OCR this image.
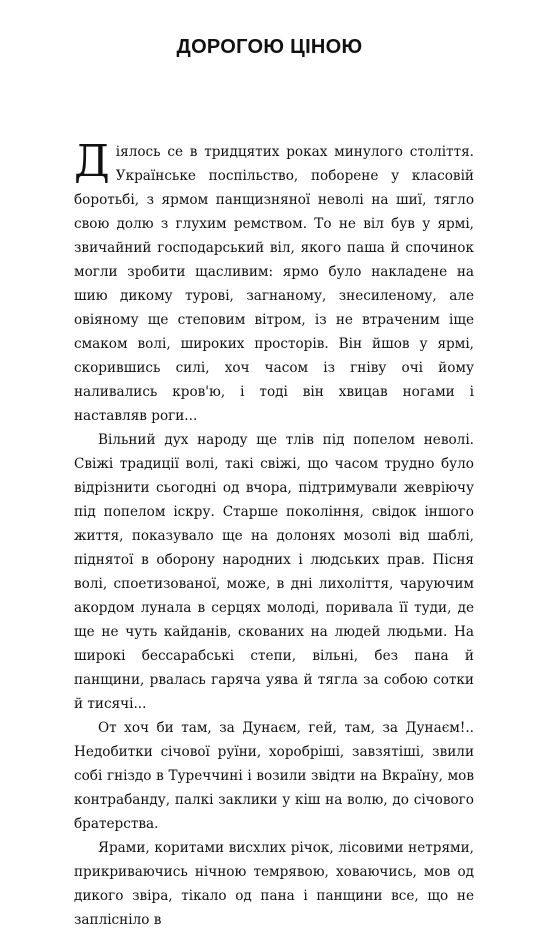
ДОРОГОЮ ЦІНОЮ

Діялось се в тридцятих роках минулого століття. Українське поспільство, поборене у класовій боротьбі, з ярмом панщизняної неволі на шиї, тягло свою долю з глухим ремством. То не віл був у ярмі, звичайний господарський віл, якого паша й спочинок могли зробити щасливим: ярмо було накладене на шию дикому турові, загнаному, знесиленому, але овіяному ще степовим вітром, із не втраченим іще смаком волі, широких просторів. Він йшов у ярмі, скорившись силі, хоч часом із гніву очі йому наливались кров'ю, і тоді він хвицав ногами і наставляв роги...

Вільний дух народу ще тлів під попелом неволі. Свіжі традиції волі, такі свіжі, що часом трудно було відрізнити сьогодні од вчора, підтримували жевріючу під попелом іскру. Старше покоління, свідок іншого життя, показувало ще на долонях мозолі від шаблі, піднятої в оборону народних і людських прав. Пісня волі, споетизованої, може, в дні лихоліття, чаруючим акордом лунала в серцях молоді, поривала її туди, де ще не чуть кайданів, скованих на людей людьми. На широкі бессарабські степи, вільні, без пана й панщини, рвалась гаряча уява й тягла за собою сотки й тисячі...

От хоч би там, за Дунаєм, гей, там, за Дунаєм!.. Недобитки січової руїни, хоробріші, завзятіші, звили собі гніздо в Туреччині і возили звідти на Вкраїну, мов контрабанду, палкі заклики у кіш на волю, до січового братерства.

Ярами, коритами висхлих річок, лісовими нетрями, прикриваючись нічною темрявою, ховаючись, мов од дикого звіра, тікало од пана і панщини все, що не заплісніло в
